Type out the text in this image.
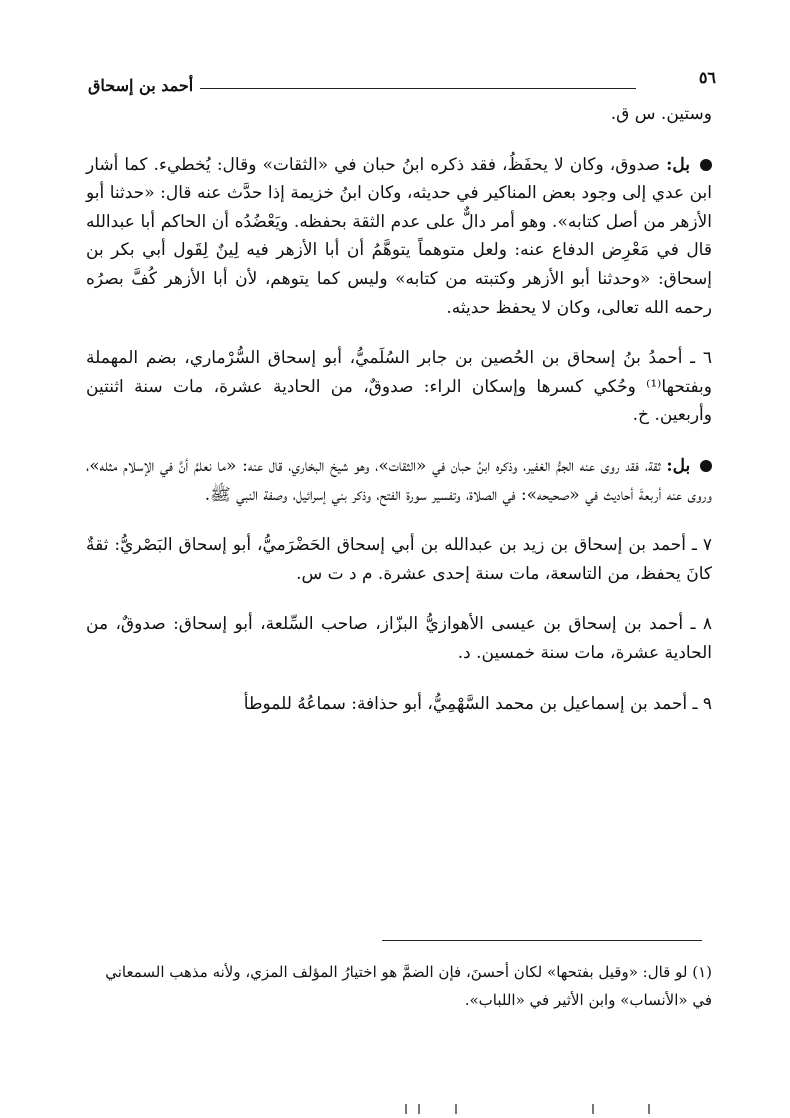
أحمد بن إسحاق	٥٦

وستين. س ق.

بل: صدوق، وكان لا يحفَظُ، فقد ذكره ابنُ حبان في «الثقات» وقال: يُخطيء. كما أشار ابن عدي إلى وجود بعض المناكير في حديثه، وكان ابنُ خزيمة إذا حدَّث عنه قال: «حدثنا أبو الأزهر من أصل كتابه». وهو أمر دالٌّ على عدم الثقة بحفظه. ويَعْضُدُه أن الحاكم أبا عبدالله قال في مَعْرِض الدفاع عنه: ولعل متوهماً يتوهَّمُ أن أبا الأزهر فيه لِينٌ لِقَول أبي بكر بن إسحاق: «وحدثنا أبو الأزهر وكتبته من كتابه» وليس كما يتوهم، لأن أبا الأزهر كُفَّ بصرُه رحمه الله تعالى، وكان لا يحفظ حديثه.

٦ ـ أحمدُ بنُ إسحاق بن الحُصين بن جابر السُلَميُّ، أبو إسحاق السُّرْماري، بضم المهملة وبفتحها⁽¹⁾ وحُكي كسرها وإسكان الراء: صدوقٌ، من الحادية عشرة، مات سنة اثنتين وأربعين. خ.

بل: ثقة، فقد روى عنه الجمُّ الغفير، وذكره ابنُ حبان في «الثقات»، وهو شيخ البخاري، قال عنه: «ما نعلمُ أنَّ في الإسلام مثله»، وروى عنه أربعةَ أحاديث في «صحيحه»: في الصلاة، وتفسير سورة الفتح، وذكر بني إسرائيل، وصفة النبي ﷺ.

٧ ـ أحمد بن إسحاق بن زيد بن عبدالله بن أبي إسحاق الحَضْرَميُّ، أبو إسحاق البَصْريُّ: ثقةٌ كانَ يحفظ، من التاسعة، مات سنة إحدى عشرة. م د ت س.

٨ ـ أحمد بن إسحاق بن عيسى الأهوازيُّ البزّاز، صاحب السِّلعة، أبو إسحاق: صدوقٌ، من الحادية عشرة، مات سنة خمسين. د.

٩ ـ أحمد بن إسماعيل بن محمد السَّهْمِيُّ، أبو حذافة: سماعُهُ للموطأ

(١) لو قال: «وقيل بفتحها» لكان أحسنَ، فإن الضمَّ هو اختيارُ المؤلف المزي، ولأنه مذهب السمعاني في «الأنساب» وابن الأثير في «اللباب».
